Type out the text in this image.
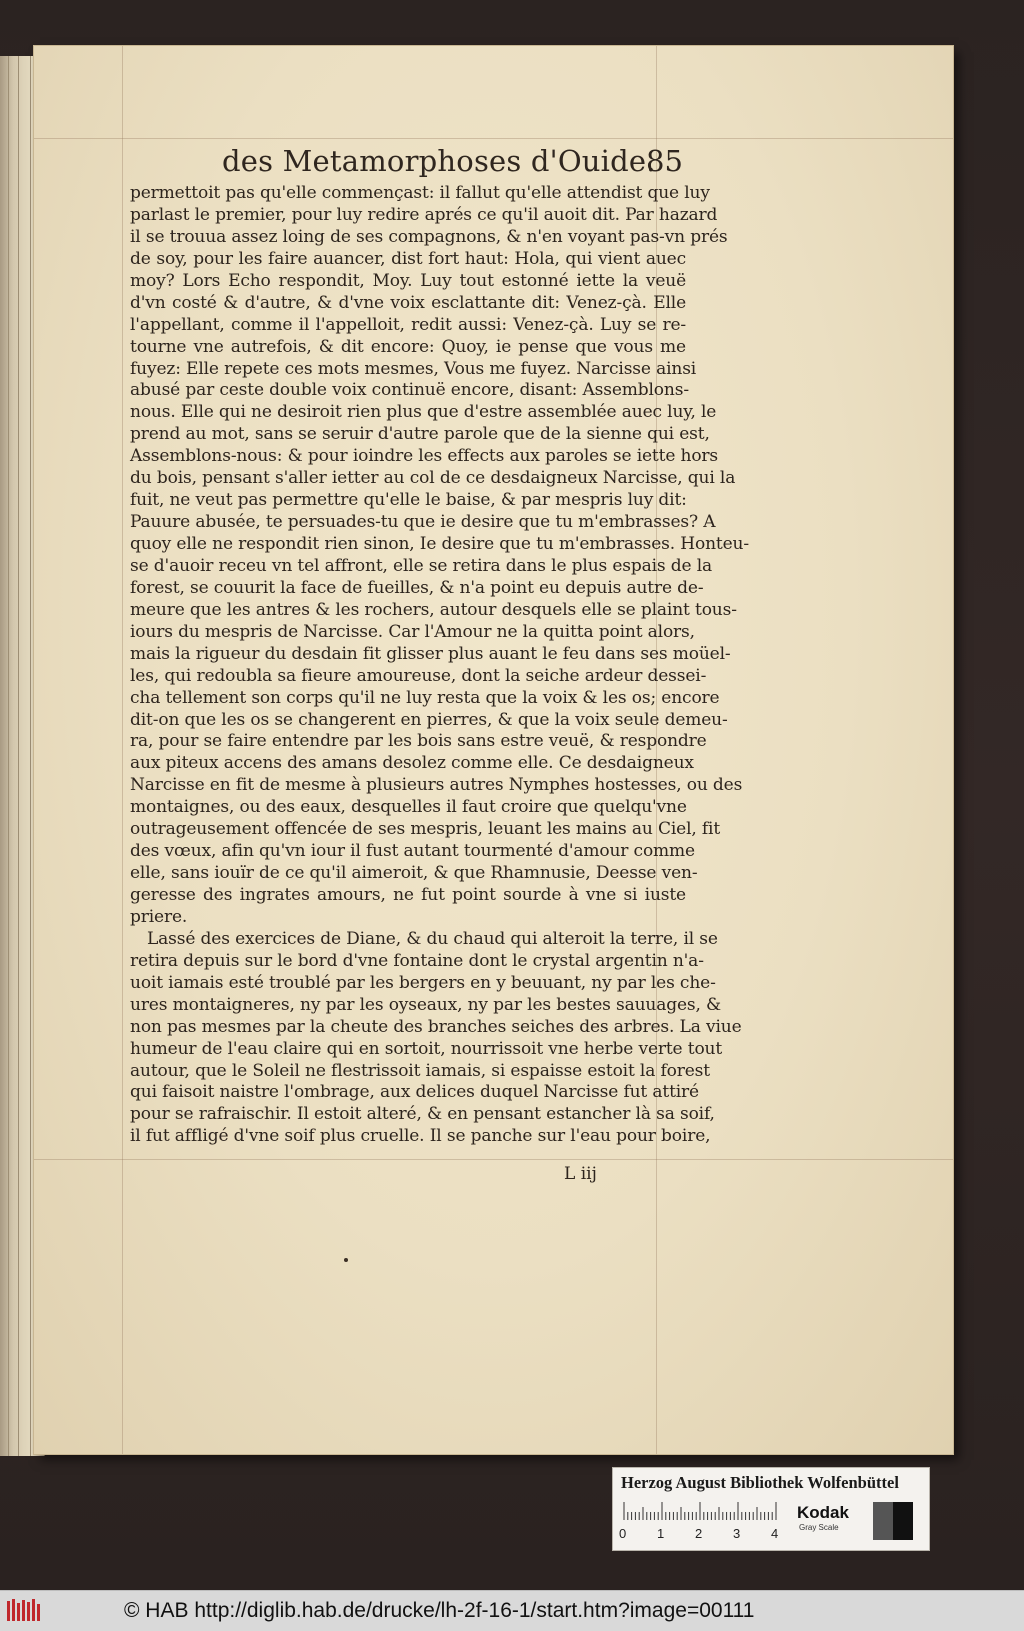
des Metamorphoses d'Ouide.
85
permettoit pas qu'elle commençast: il fallut qu'elle attendist que luy
parlast le premier, pour luy redire aprés ce qu'il auoit dit. Par hazard
il se trouua assez loing de ses compagnons, & n'en voyant pas-vn prés
de soy, pour les faire auancer, dist fort haut: Hola, qui vient auec
moy? Lors Echo respondit, Moy. Luy tout estonné iette la veuë
d'vn costé & d'autre, & d'vne voix esclattante dit: Venez-çà. Elle
l'appellant, comme il l'appelloit, redit aussi: Venez-çà. Luy se re-
tourne vne autrefois, & dit encore: Quoy, ie pense que vous me
fuyez: Elle repete ces mots mesmes, Vous me fuyez. Narcisse ainsi
abusé par ceste double voix continuë encore, disant: Assemblons-
nous. Elle qui ne desiroit rien plus que d'estre assemblée auec luy, le
prend au mot, sans se seruir d'autre parole que de la sienne qui est,
Assemblons-nous: & pour ioindre les effects aux paroles se iette hors
du bois, pensant s'aller ietter au col de ce desdaigneux Narcisse, qui la
fuit, ne veut pas permettre qu'elle le baise, & par mespris luy dit:
Pauure abusée, te persuades-tu que ie desire que tu m'embrasses? A
quoy elle ne respondit rien sinon, Ie desire que tu m'embrasses. Honteu-
se d'auoir receu vn tel affront, elle se retira dans le plus espais de la
forest, se couurit la face de fueilles, & n'a point eu depuis autre de-
meure que les antres & les rochers, autour desquels elle se plaint tous-
iours du mespris de Narcisse. Car l'Amour ne la quitta point alors,
mais la rigueur du desdain fit glisser plus auant le feu dans ses moüel-
les, qui redoubla sa fieure amoureuse, dont la seiche ardeur dessei-
cha tellement son corps qu'il ne luy resta que la voix & les os; encore
dit-on que les os se changerent en pierres, & que la voix seule demeu-
ra, pour se faire entendre par les bois sans estre veuë, & respondre
aux piteux accens des amans desolez comme elle. Ce desdaigneux
Narcisse en fit de mesme à plusieurs autres Nymphes hostesses, ou des
montaignes, ou des eaux, desquelles il faut croire que quelqu'vne
outrageusement offencée de ses mespris, leuant les mains au Ciel, fit
des vœux, afin qu'vn iour il fust autant tourmenté d'amour comme
elle, sans iouïr de ce qu'il aimeroit, & que Rhamnusie, Deesse ven-
geresse des ingrates amours, ne fut point sourde à vne si iuste
priere.
Lassé des exercices de Diane, & du chaud qui alteroit la terre, il se
retira depuis sur le bord d'vne fontaine dont le crystal argentin n'a-
uoit iamais esté troublé par les bergers en y beuuant, ny par les che-
ures montaigneres, ny par les oyseaux, ny par les bestes sauuages, &
non pas mesmes par la cheute des branches seiches des arbres. La viue
humeur de l'eau claire qui en sortoit, nourrissoit vne herbe verte tout
autour, que le Soleil ne flestrissoit iamais, si espaisse estoit la forest
qui faisoit naistre l'ombrage, aux delices duquel Narcisse fut attiré
pour se rafraischir. Il estoit alteré, & en pensant estancher là sa soif,
il fut affligé d'vne soif plus cruelle. Il se panche sur l'eau pour boire,
L iij
Herzog August Bibliothek Wolfenbüttel
0 1 2 3 4
Kodak
Gray Scale
© HAB http://diglib.hab.de/drucke/lh-2f-16-1/start.htm?image=00111
